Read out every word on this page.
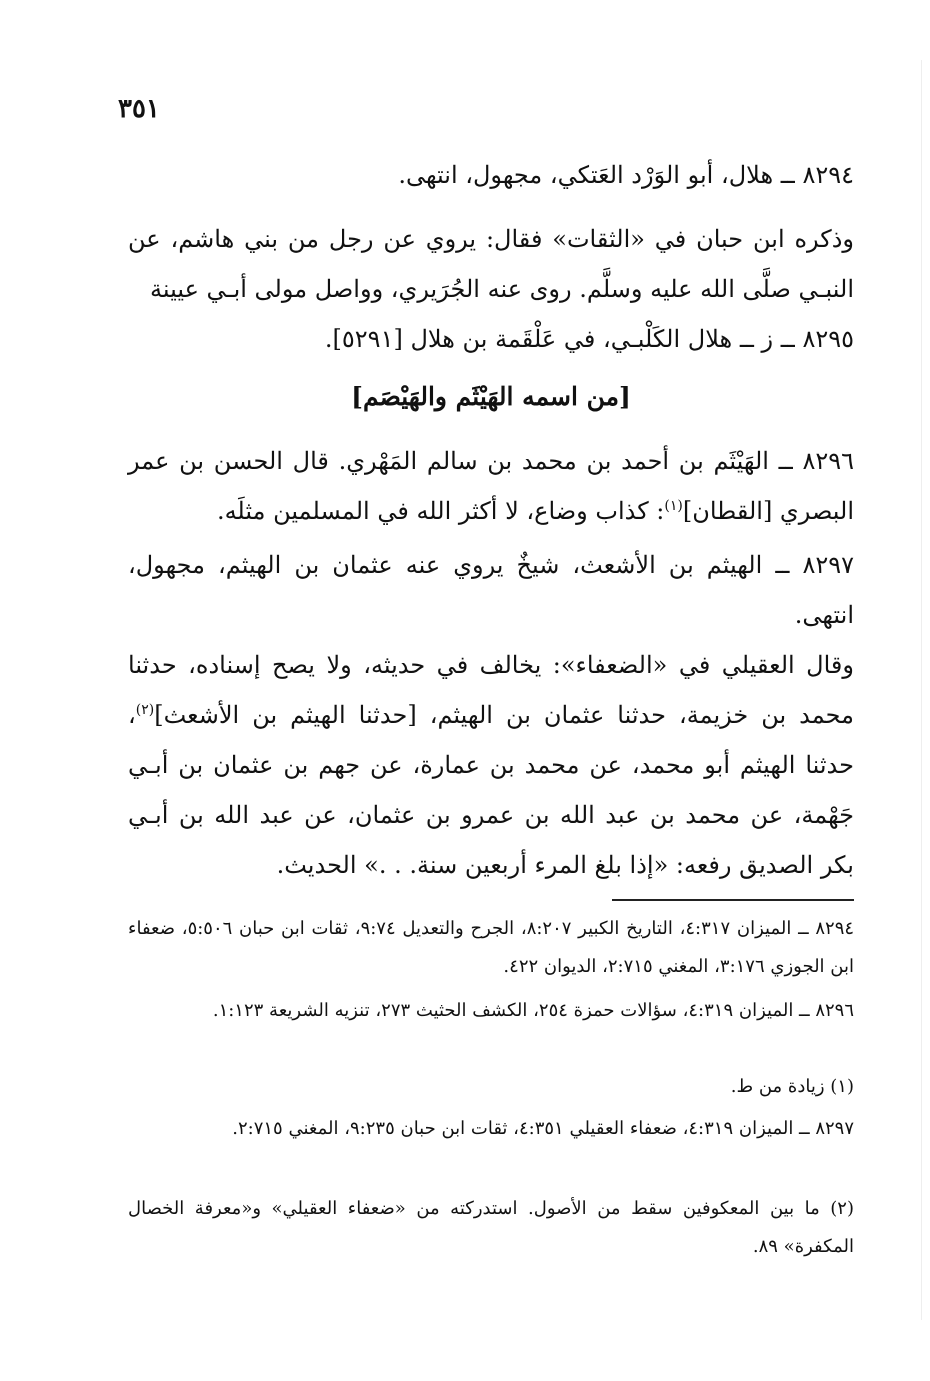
٣٥١
٨٢٩٤ ــ هلال، أبو الوَرْد العَتكي، مجهول، انتهى.
وذكره ابن حبان في «الثقات» فقال: يروي عن رجل من بني هاشم، عن النبـي صلَّى الله عليه وسلَّم. روى عنه الجُرَيري، وواصل مولى أبـي عيينة
٨٢٩٥ ــ ز ــ هلال الكَلْبـي، في عَلْقَمة بن هلال [٥٢٩١].
[من اسمه الهَيْثَم والهَيْصَم]
٨٢٩٦ ــ الهَيْثَم بن أحمد بن محمد بن سالم المَهْري. قال الحسن بن عمر البصري [القطان]$^{(١)}$: كذاب وضاع، لا أكثر الله في المسلمين مثلَه.
٨٢٩٧ ــ الهيثم بن الأشعث، شيخٌ يروي عنه عثمان بن الهيثم، مجهول، انتهى.
وقال العقيلي في «الضعفاء»: يخالف في حديثه، ولا يصح إسناده، حدثنا محمد بن خزيمة، حدثنا عثمان بن الهيثم، [حدثنا الهيثم بن الأشعث]$^{(٢)}$، حدثنا الهيثم أبو محمد، عن محمد بن عمارة، عن جهم بن عثمان بن أبـي جَهْمة، عن محمد بن عبد الله بن عمرو بن عثمان، عن عبد الله بن أبـي بكر الصديق رفعه: «إذا بلغ المرء أربعين سنة. . .» الحديث.
٨٢٩٤ ــ الميزان ٤:٣١٧، التاريخ الكبير ٨:٢٠٧، الجرح والتعديل ٩:٧٤، ثقات ابن حبان ٥:٥٠٦، ضعفاء ابن الجوزي ٣:١٧٦، المغني ٢:٧١٥، الديوان ٤٢٢.
٨٢٩٦ ــ الميزان ٤:٣١٩، سؤالات حمزة ٢٥٤، الكشف الحثيث ٢٧٣، تنزيه الشريعة ١:١٢٣.
(١) زيادة من ط.
٨٢٩٧ ــ الميزان ٤:٣١٩، ضعفاء العقيلي ٤:٣٥١، ثقات ابن حبان ٩:٢٣٥، المغني ٢:٧١٥.
(٢) ما بين المعكوفين سقط من الأصول. استدركته من «ضعفاء العقيلي» و«معرفة الخصال المكفرة» ٨٩.
